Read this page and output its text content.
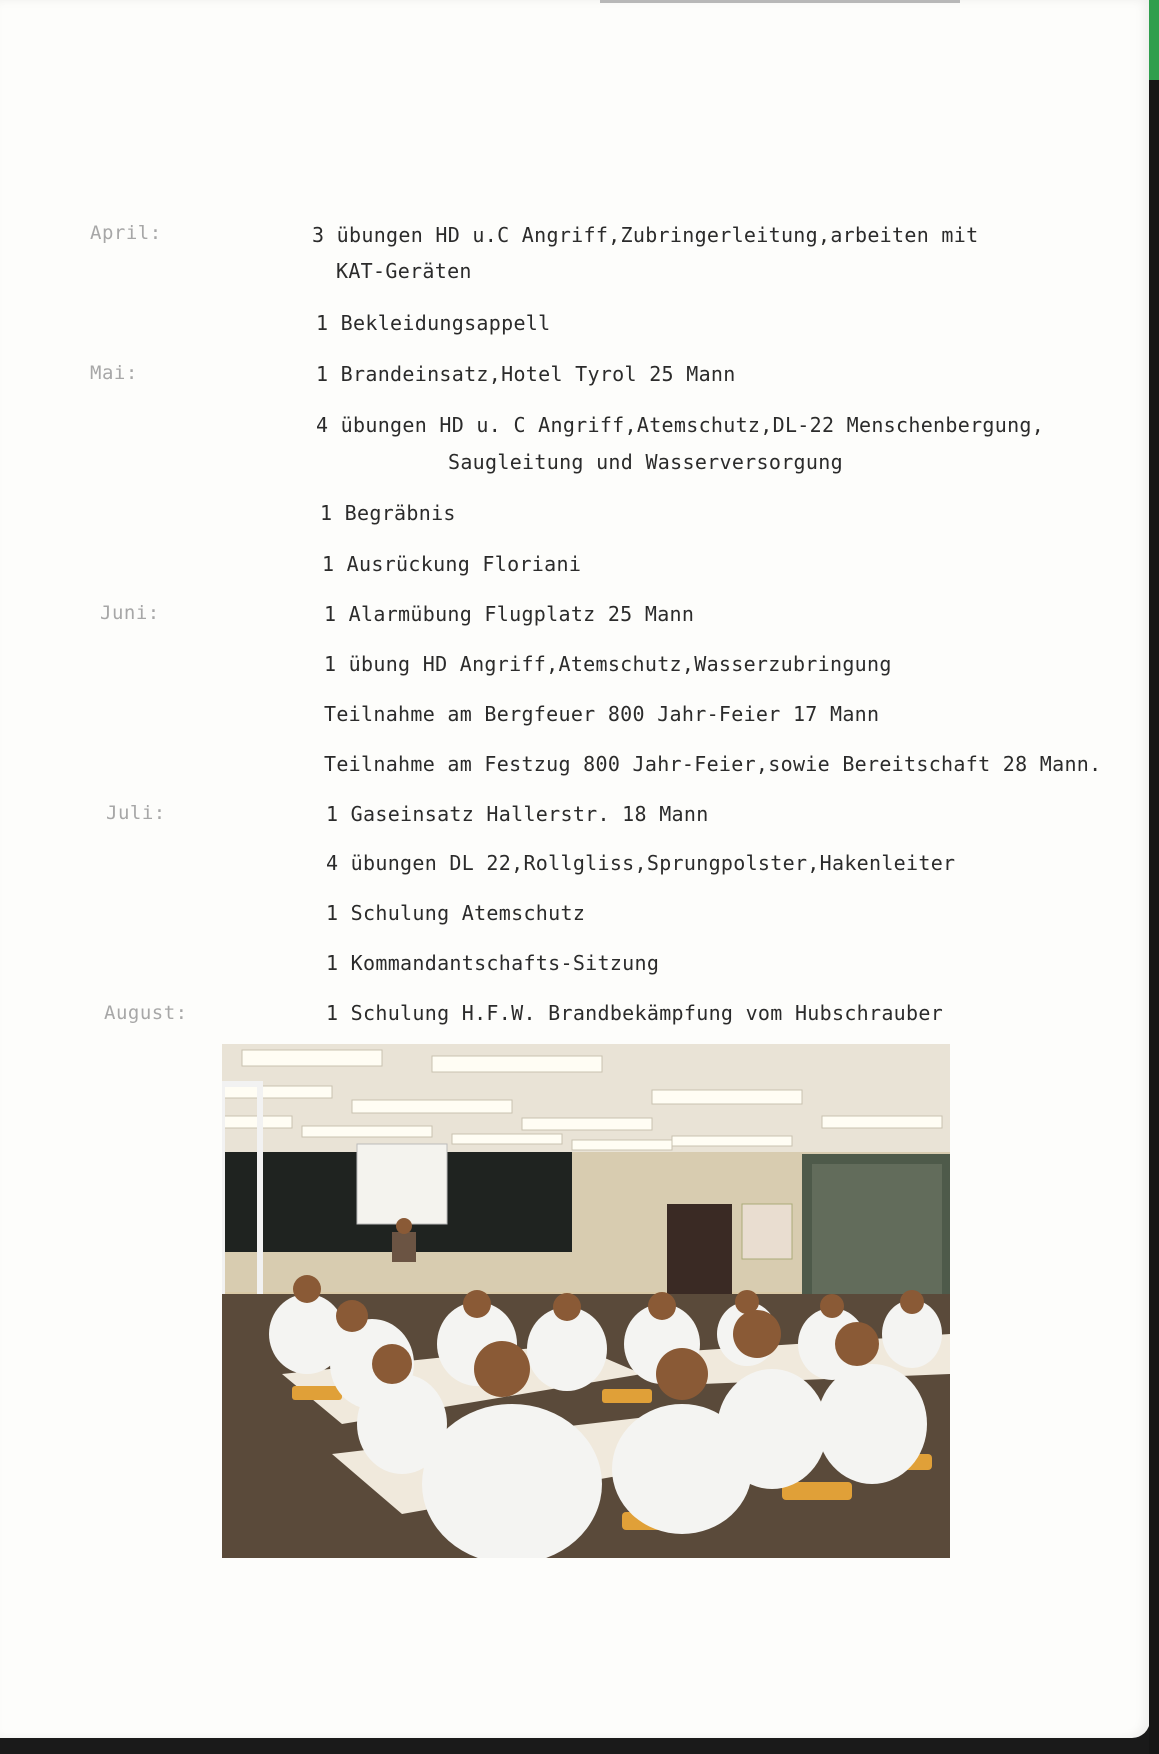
April:
Mai:
Juni:
Juli:
August:
3 übungen HD u.C Angriff,Zubringerleitung,arbeiten mit
KAT-Geräten
1 Bekleidungsappell
1 Brandeinsatz,Hotel Tyrol 25 Mann
4 übungen HD u. C Angriff,Atemschutz,DL-22 Menschenbergung,
Saugleitung und Wasserversorgung
1 Begräbnis
1 Ausrückung Floriani
1 Alarmübung Flugplatz 25 Mann
1 übung HD Angriff,Atemschutz,Wasserzubringung
Teilnahme am Bergfeuer 800 Jahr-Feier 17 Mann
Teilnahme am Festzug 800 Jahr-Feier,sowie Bereitschaft 28 Mann.
1 Gaseinsatz Hallerstr. 18 Mann
4 übungen DL 22,Rollgliss,Sprungpolster,Hakenleiter
1 Schulung Atemschutz
1 Kommandantschafts-Sitzung
1 Schulung H.F.W. Brandbekämpfung vom Hubschrauber
